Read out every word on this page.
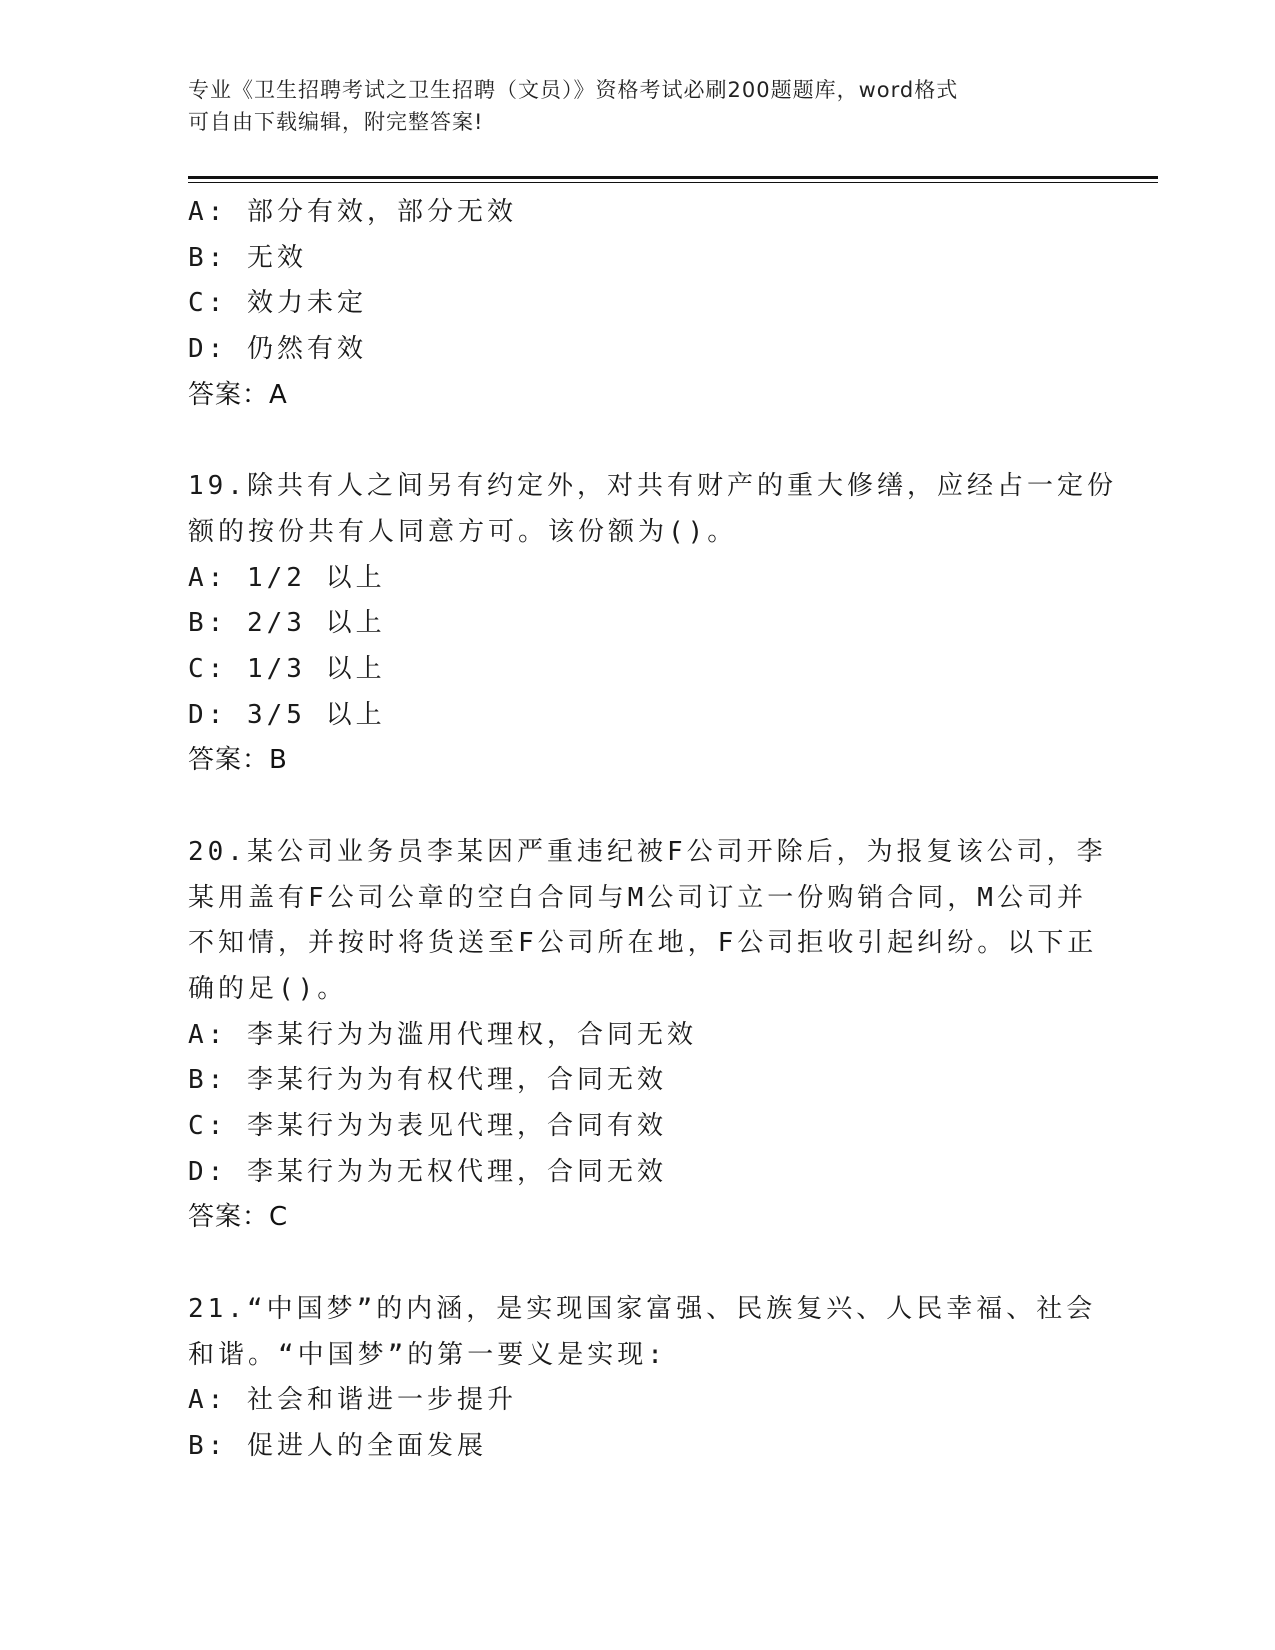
专业《卫生招聘考试之卫生招聘（文员）》资格考试必刷200题题库，word格式
可自由下载编辑，附完整答案!
A: 部分有效，部分无效
B: 无效
C: 效力未定
D: 仍然有效
答案：A
19.除共有人之间另有约定外，对共有财产的重大修缮，应经占一定份
额的按份共有人同意方可。该份额为()。
A: 1/2 以上
B: 2/3 以上
C: 1/3 以上
D: 3/5 以上
答案：B
20.某公司业务员李某因严重违纪被F公司开除后，为报复该公司，李
某用盖有F公司公章的空白合同与M公司订立一份购销合同，M公司并
不知情，并按时将货送至F公司所在地，F公司拒收引起纠纷。以下正
确的足()。
A: 李某行为为滥用代理权，合同无效
B: 李某行为为有权代理，合同无效
C: 李某行为为表见代理，合同有效
D: 李某行为为无权代理，合同无效
答案：C
21.“中国梦”的内涵，是实现国家富强、民族复兴、人民幸福、社会
和谐。“中国梦”的第一要义是实现:
A: 社会和谐进一步提升
B: 促进人的全面发展
